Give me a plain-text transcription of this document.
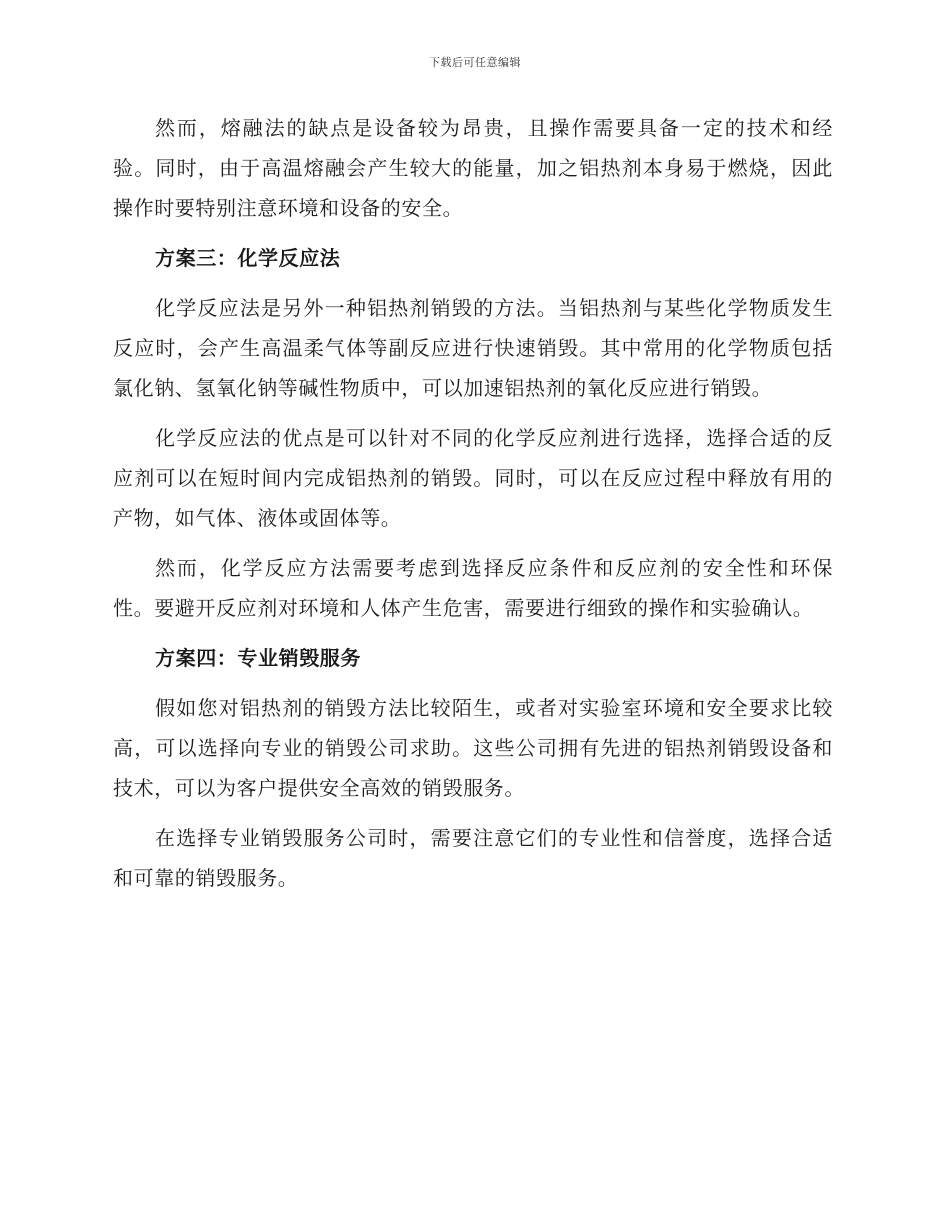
下载后可任意编辑

然而，熔融法的缺点是设备较为昂贵，且操作需要具备一定的技术和经验。同时，由于高温熔融会产生较大的能量，加之铝热剂本身易于燃烧，因此操作时要特别注意环境和设备的安全。

方案三：化学反应法

化学反应法是另外一种铝热剂销毁的方法。当铝热剂与某些化学物质发生反应时，会产生高温柔气体等副反应进行快速销毁。其中常用的化学物质包括氯化钠、氢氧化钠等碱性物质中，可以加速铝热剂的氧化反应进行销毁。

化学反应法的优点是可以针对不同的化学反应剂进行选择，选择合适的反应剂可以在短时间内完成铝热剂的销毁。同时，可以在反应过程中释放有用的产物，如气体、液体或固体等。

然而，化学反应方法需要考虑到选择反应条件和反应剂的安全性和环保性。要避开反应剂对环境和人体产生危害，需要进行细致的操作和实验确认。

方案四：专业销毁服务

假如您对铝热剂的销毁方法比较陌生，或者对实验室环境和安全要求比较高，可以选择向专业的销毁公司求助。这些公司拥有先进的铝热剂销毁设备和技术，可以为客户提供安全高效的销毁服务。

在选择专业销毁服务公司时，需要注意它们的专业性和信誉度，选择合适和可靠的销毁服务。
